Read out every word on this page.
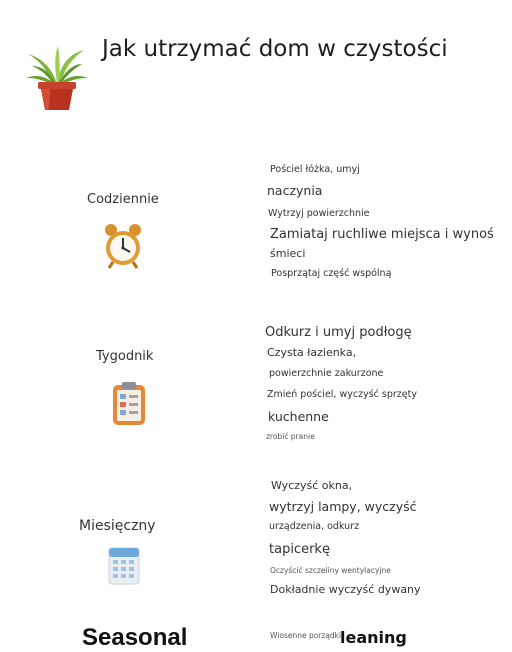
Jak utrzymać dom w czystości
Codziennie
Pościel łóżka, umyj
naczynia
Wytrzyj powierzchnie
Zamiataj ruchliwe miejsca i wynoś
śmieci
Posprzątaj część wspólną
Tygodnik
Odkurz i umyj podłogę
Czysta łazienka,
powierzchnie zakurzone
Zmień pościel, wyczyść sprzęty
kuchenne
zrobić pranie
Miesięczny
Wyczyść okna,
wytrzyj lampy, wyczyść
urządzenia, odkurz
tapicerkę
Oczyścić szczeliny wentylacyjne
Dokładnie wyczyść dywany
Seasonal	Wiosenne porządki
leaning
